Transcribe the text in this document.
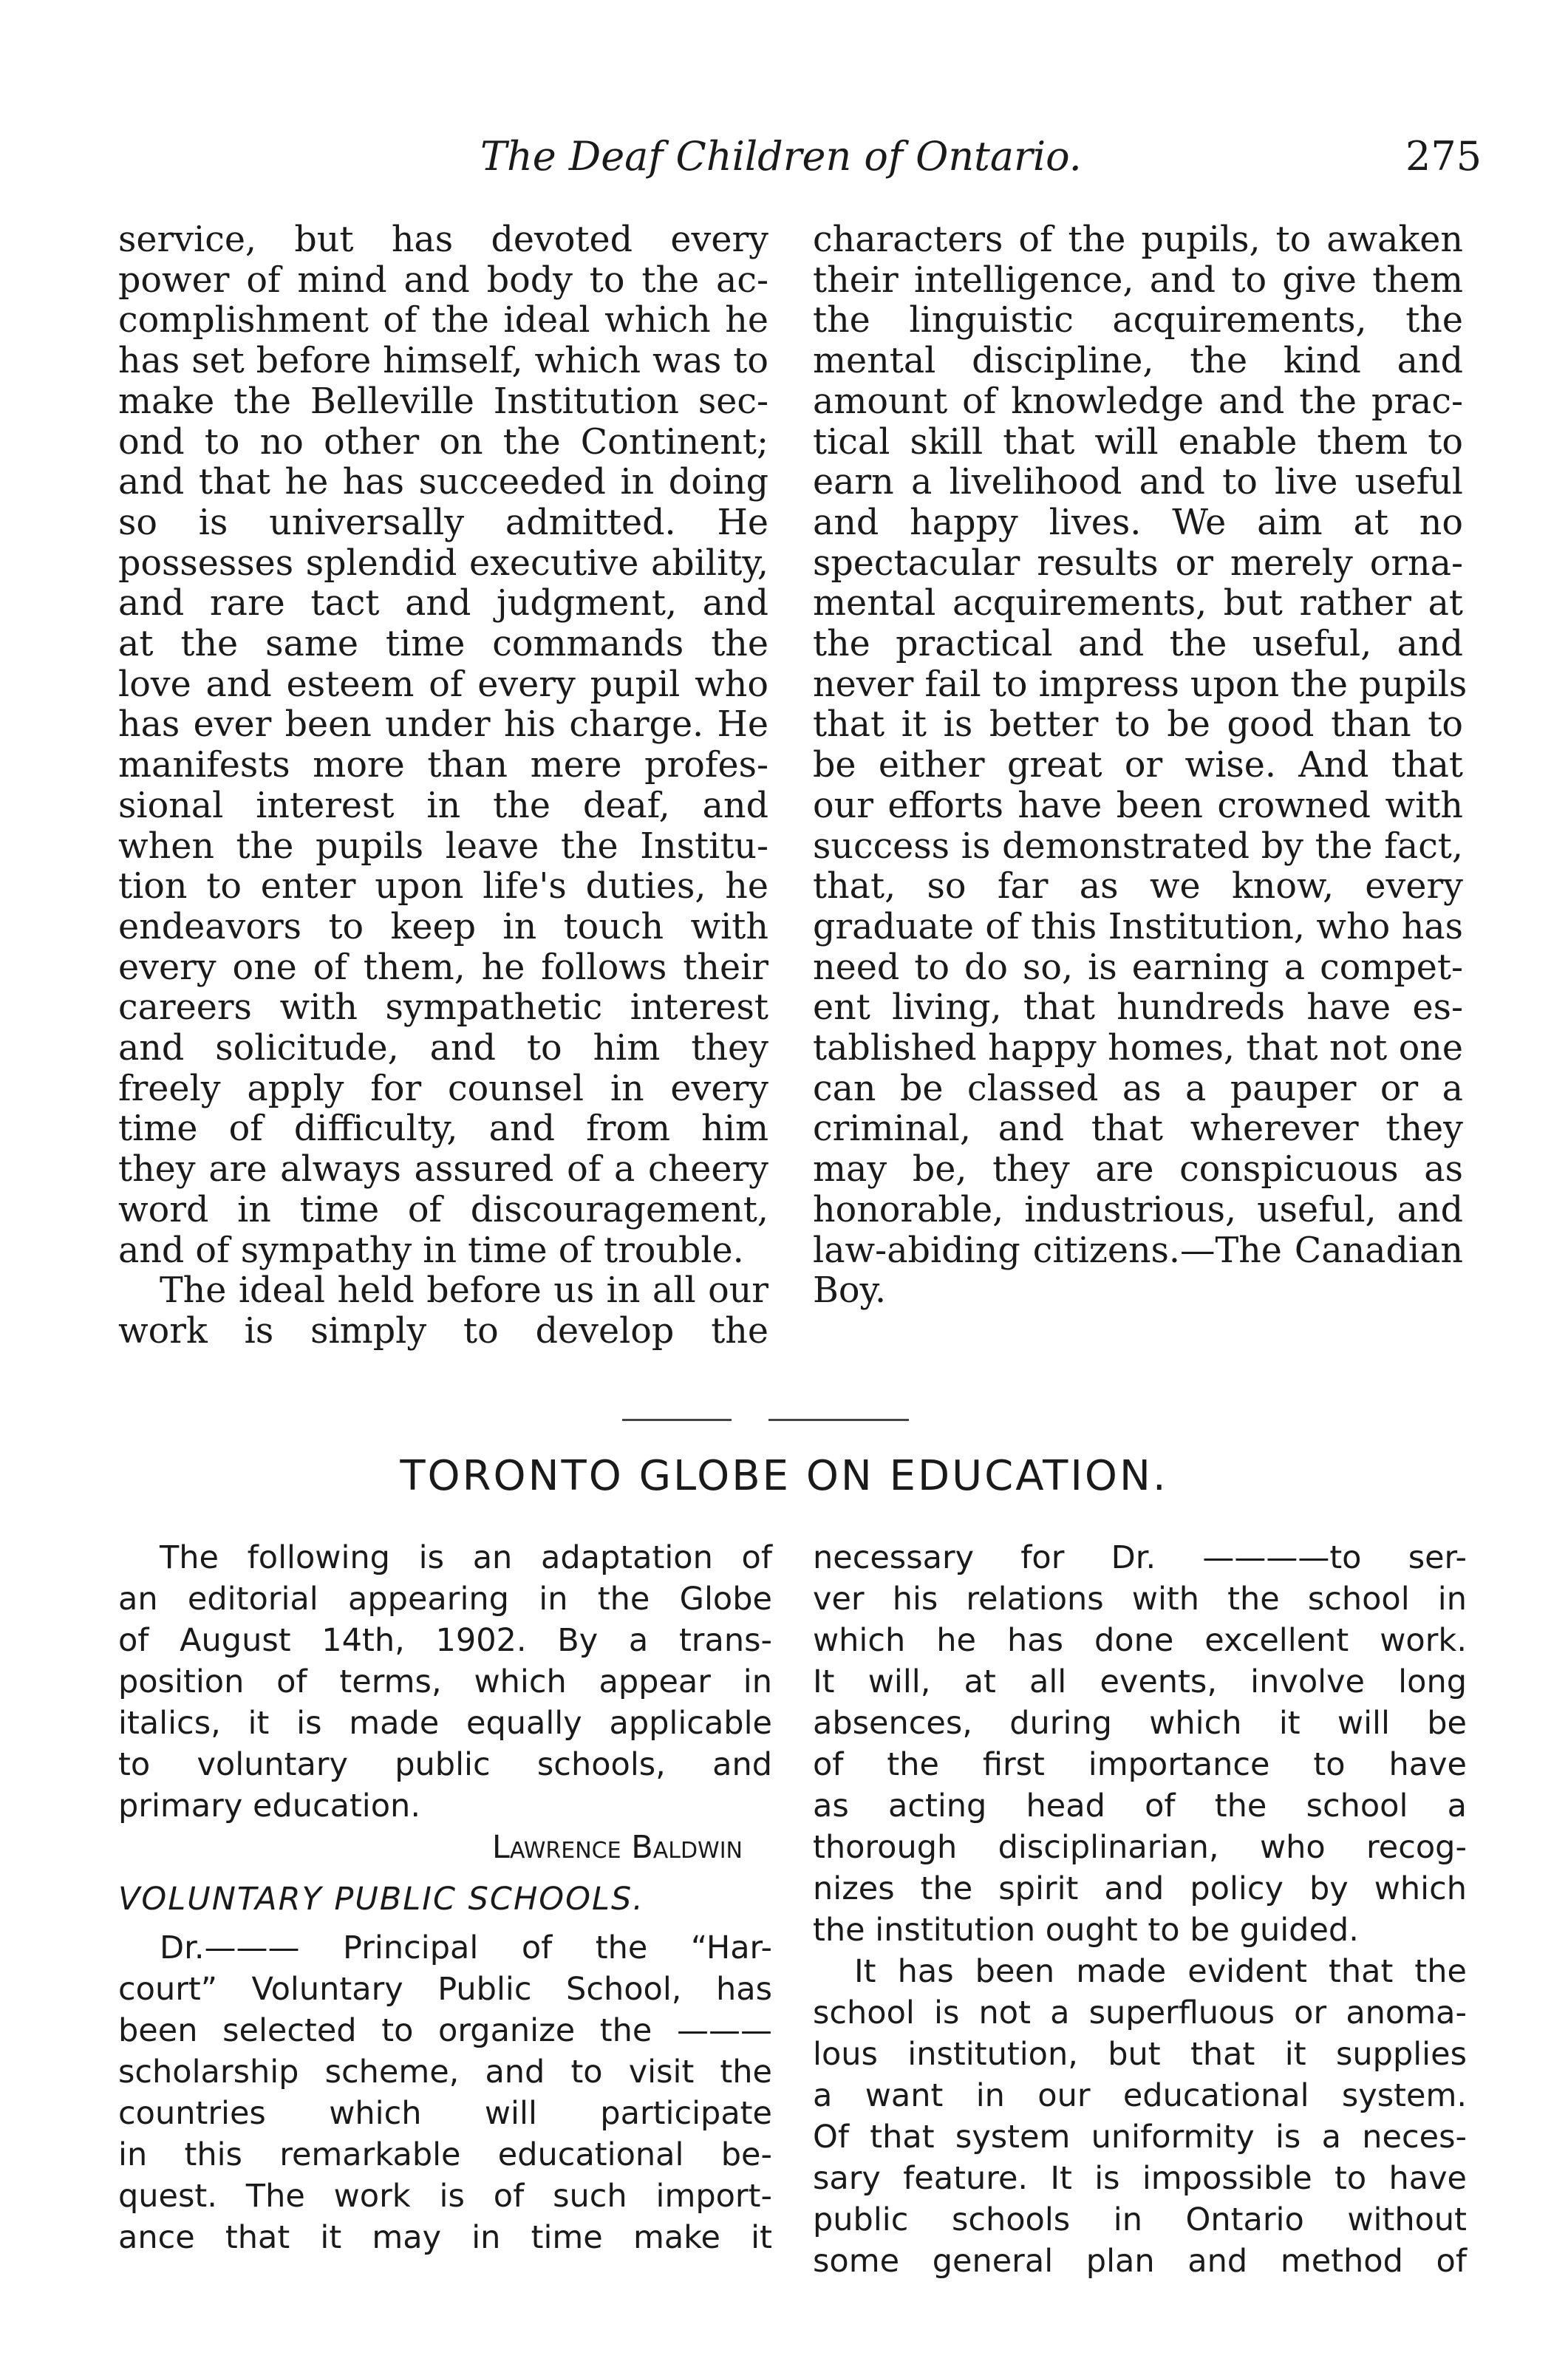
The Deaf Children of Ontario.	275
service, but has devoted every
power of mind and body to the ac-
complishment of the ideal which he
has set before himself, which was to
make the Belleville Institution sec-
ond to no other on the Continent;
and that he has succeeded in doing
so is universally admitted. He
possesses splendid executive ability,
and rare tact and judgment, and
at the same time commands the
love and esteem of every pupil who
has ever been under his charge. He
manifests more than mere profes-
sional interest in the deaf, and
when the pupils leave the Institu-
tion to enter upon life's duties, he
endeavors to keep in touch with
every one of them, he follows their
careers with sympathetic interest
and solicitude, and to him they
freely apply for counsel in every
time of difficulty, and from him
they are always assured of a cheery
word in time of discouragement,
and of sympathy in time of trouble.
The ideal held before us in all our
work is simply to develop the
characters of the pupils, to awaken
their intelligence, and to give them
the linguistic acquirements, the
mental discipline, the kind and
amount of knowledge and the prac-
tical skill that will enable them to
earn a livelihood and to live useful
and happy lives. We aim at no
spectacular results or merely orna-
mental acquirements, but rather at
the practical and the useful, and
never fail to impress upon the pupils
that it is better to be good than to
be either great or wise. And that
our efforts have been crowned with
success is demonstrated by the fact,
that, so far as we know, every
graduate of this Institution, who has
need to do so, is earning a compet-
ent living, that hundreds have es-
tablished happy homes, that not one
can be classed as a pauper or a
criminal, and that wherever they
may be, they are conspicuous as
honorable, industrious, useful, and
law-abiding citizens.—The Canadian
Boy.
TORONTO GLOBE ON EDUCATION.
The following is an adaptation of
an editorial appearing in the Globe
of August 14th, 1902. By a trans-
position of terms, which appear in
italics, it is made equally applicable
to voluntary public schools, and
primary education.
Lawrence Baldwin
VOLUNTARY PUBLIC SCHOOLS.
Dr.——— Principal of the “Har-
court” Voluntary Public School, has
been selected to organize the ———
scholarship scheme, and to visit the
countries which will participate
in this remarkable educational be-
quest. The work is of such import-
ance that it may in time make it
necessary for Dr. ————to ser-
ver his relations with the school in
which he has done excellent work.
It will, at all events, involve long
absences, during which it will be
of the first importance to have
as acting head of the school a
thorough disciplinarian, who recog-
nizes the spirit and policy by which
the institution ought to be guided.
It has been made evident that the
school is not a superfluous or anoma-
lous institution, but that it supplies
a want in our educational system.
Of that system uniformity is a neces-
sary feature. It is impossible to have
public schools in Ontario without
some general plan and method of
